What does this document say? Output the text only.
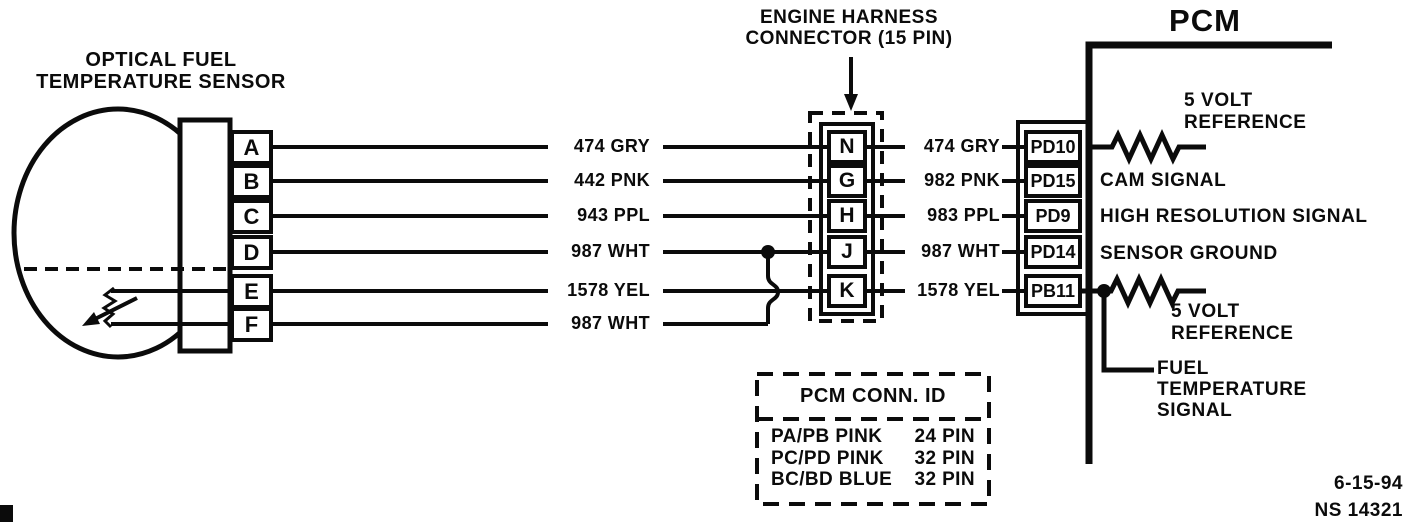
OPTICAL FUEL
TEMPERATURE SENSOR
A
B
C
D
E
F
474 GRY
442 PNK
943 PPL
987 WHT
1578 YEL
987 WHT
ENGINE HARNESS
CONNECTOR (15 PIN)
N
G
H
J
K
474 GRY
982 PNK
983 PPL
987 WHT
1578 YEL
PCM
PD10
PD15
PD9
PD14
PB11
5 VOLT
REFERENCE
CAM SIGNAL
HIGH RESOLUTION SIGNAL
SENSOR GROUND
5 VOLT
REFERENCE
FUEL
TEMPERATURE
SIGNAL
PCM CONN. ID
PA/PB PINK 24 PIN
PC/PD PINK 32 PIN
BC/BD BLUE 32 PIN	6-15-94
NS 14321
